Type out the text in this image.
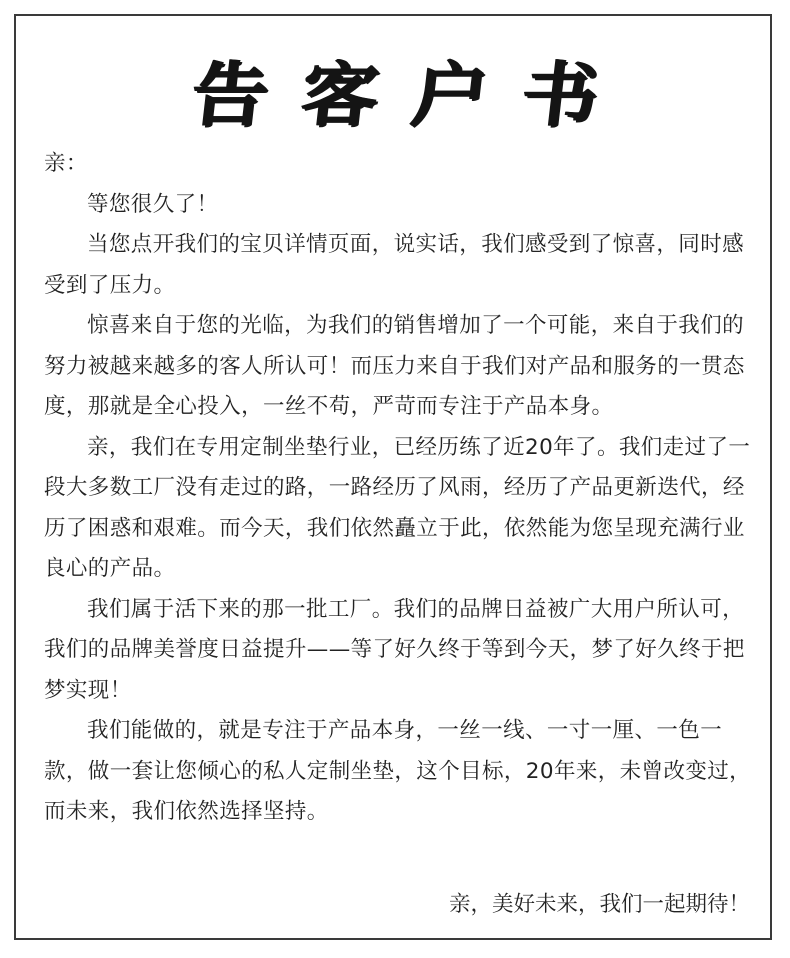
告客户书

亲：

等您很久了！

当您点开我们的宝贝详情页面，说实话，我们感受到了惊喜，同时感受到了压力。

惊喜来自于您的光临，为我们的销售增加了一个可能，来自于我们的努力被越来越多的客人所认可！而压力来自于我们对产品和服务的一贯态度，那就是全心投入，一丝不苟，严苛而专注于产品本身。

亲，我们在专用定制坐垫行业，已经历练了近20年了。我们走过了一段大多数工厂没有走过的路，一路经历了风雨，经历了产品更新迭代，经历了困惑和艰难。而今天，我们依然矗立于此，依然能为您呈现充满行业良心的产品。

我们属于活下来的那一批工厂。我们的品牌日益被广大用户所认可，我们的品牌美誉度日益提升——等了好久终于等到今天，梦了好久终于把梦实现！

我们能做的，就是专注于产品本身，一丝一线、一寸一厘、一色一款，做一套让您倾心的私人定制坐垫，这个目标，20年来，未曾改变过，而未来，我们依然选择坚持。

亲，美好未来，我们一起期待！
